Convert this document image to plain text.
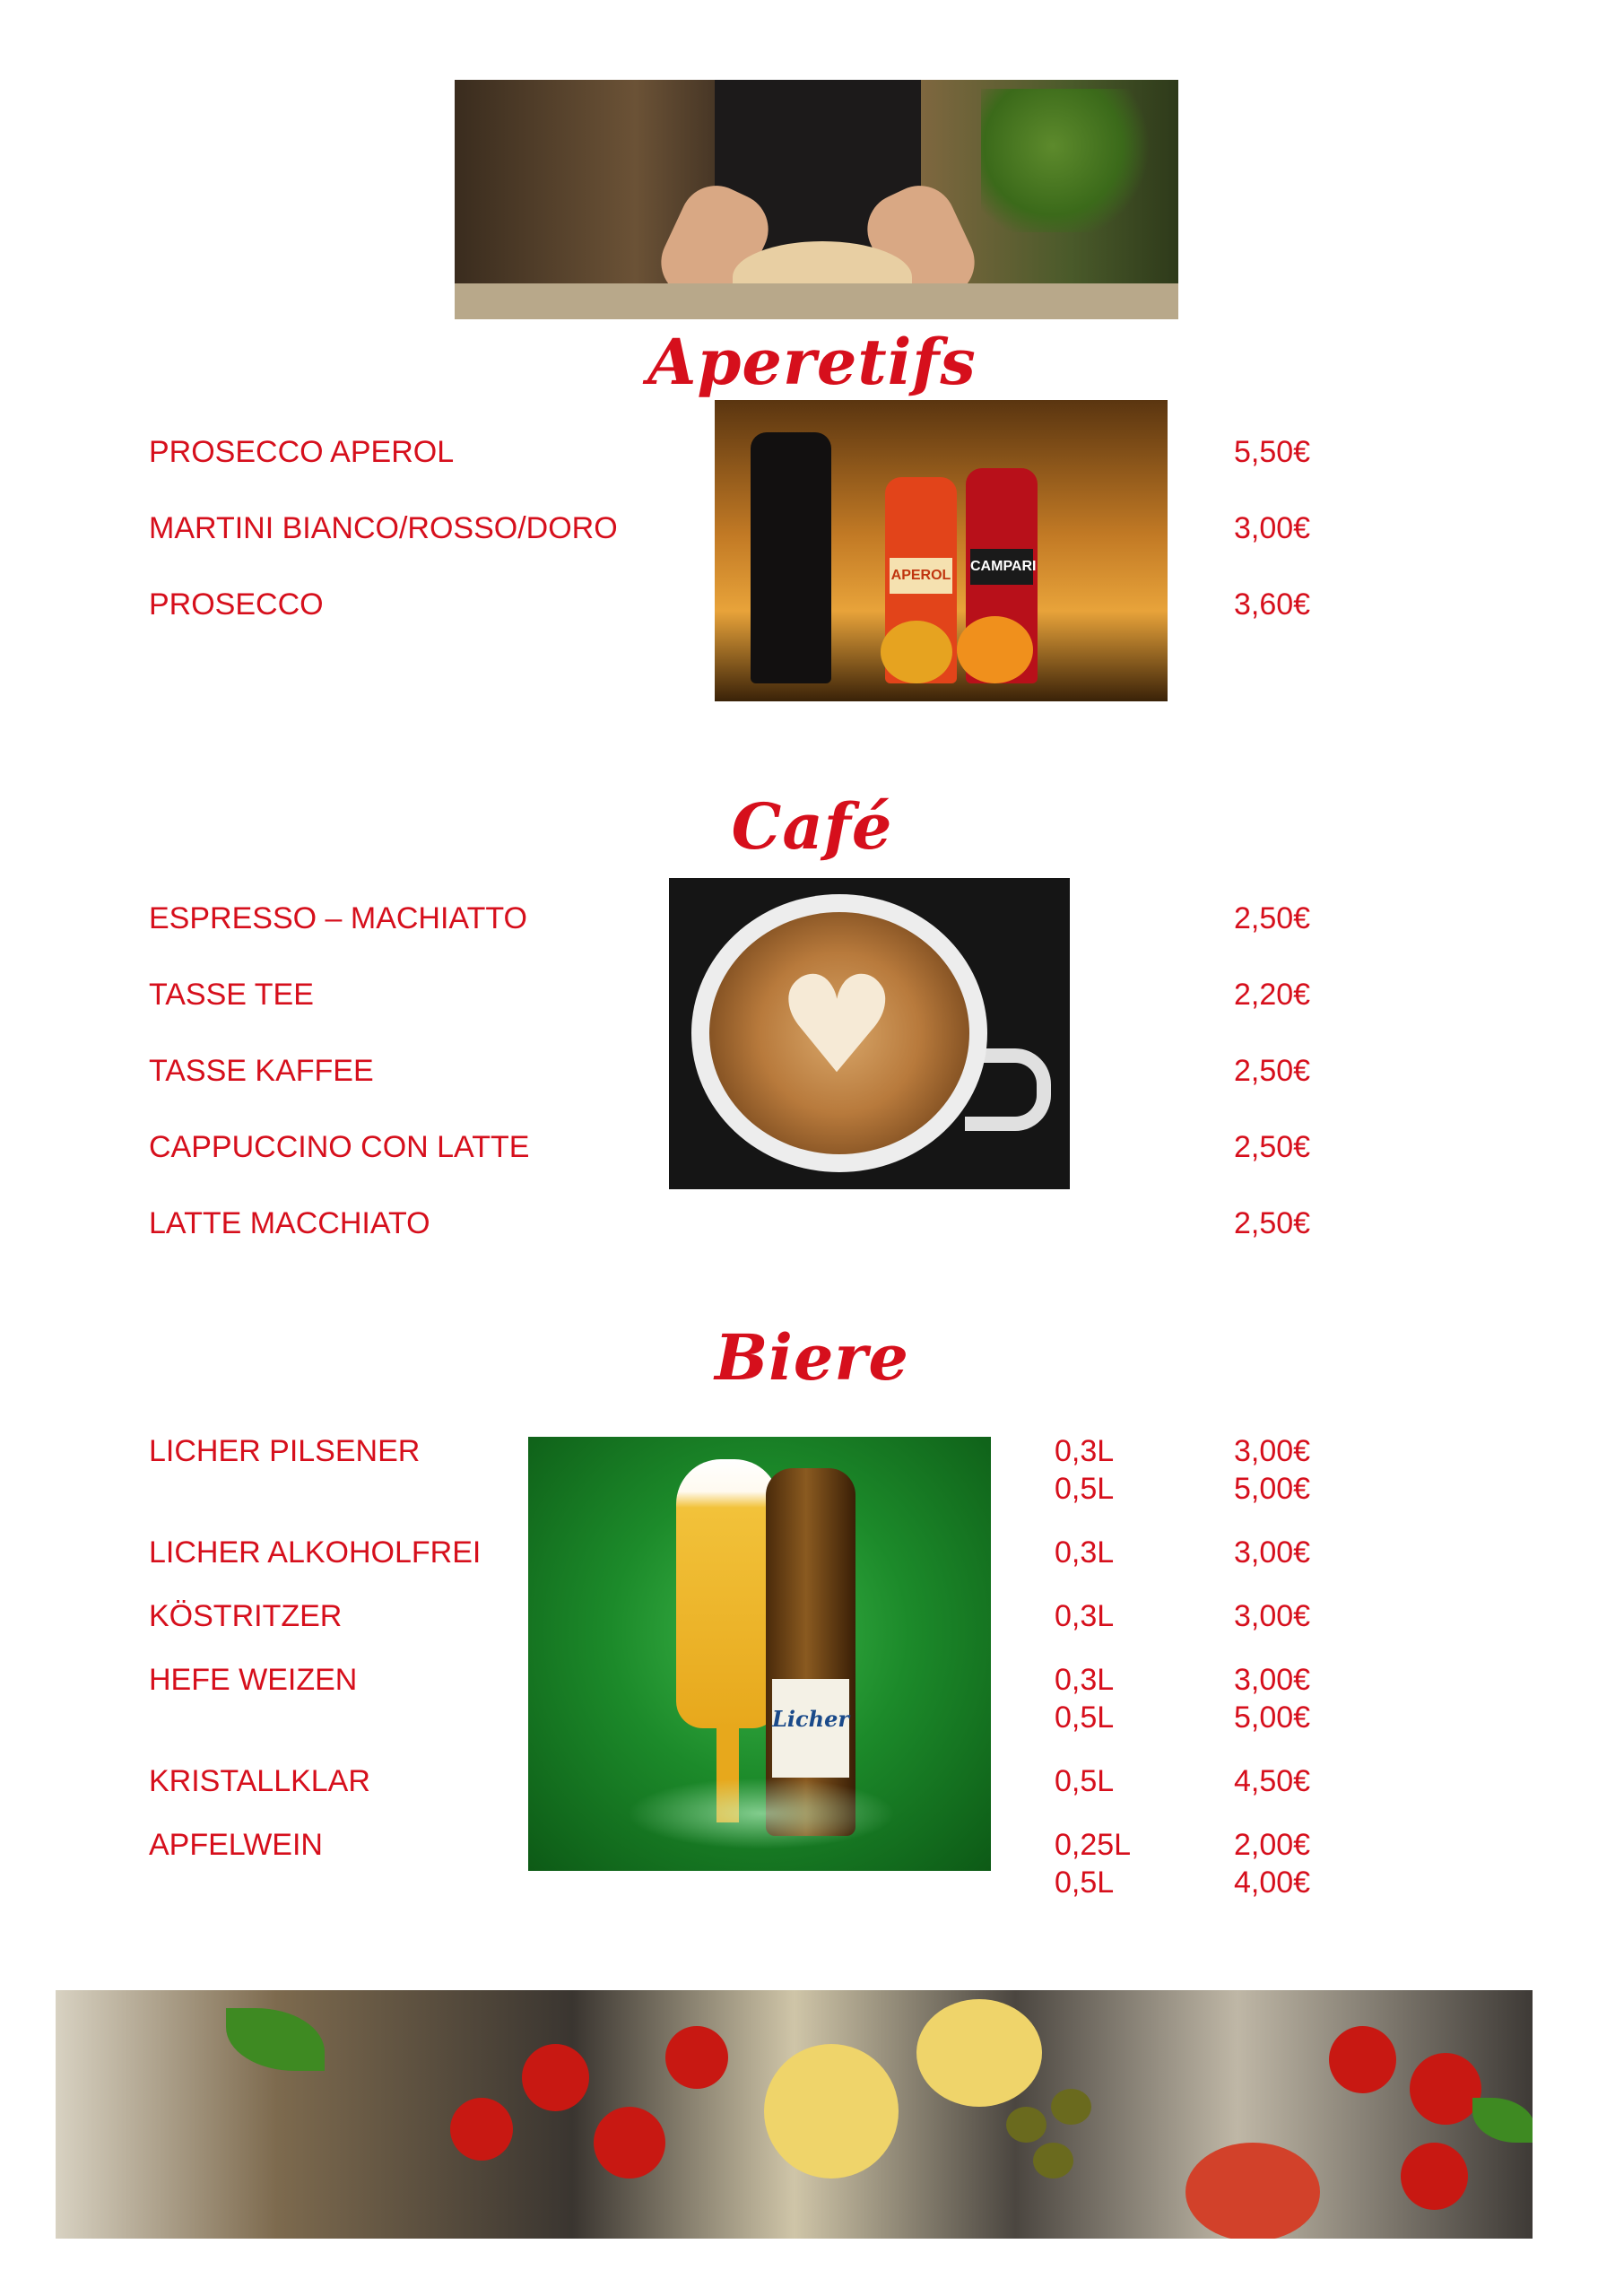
Aperetifs
APEROL
CAMPARI
PROSECCO APEROL	5,50€
MARTINI BIANCO/ROSSO/DORO	3,00€
PROSECCO	3,60€
Café
♥
ESPRESSO – MACHIATTO	2,50€
TASSE TEE	2,20€
TASSE KAFFEE	2,50€
CAPPUCCINO CON LATTE	2,50€
LATTE MACCHIATO	2,50€
Biere
Licher
LICHER PILSENER	0,3L	3,00€
0,5L	5,00€
LICHER ALKOHOLFREI	0,3L	3,00€
KÖSTRITZER	0,3L	3,00€
HEFE WEIZEN	0,3L	3,00€
0,5L	5,00€
KRISTALLKLAR	0,5L	4,50€
APFELWEIN	0,25L	2,00€
0,5L	4,00€
